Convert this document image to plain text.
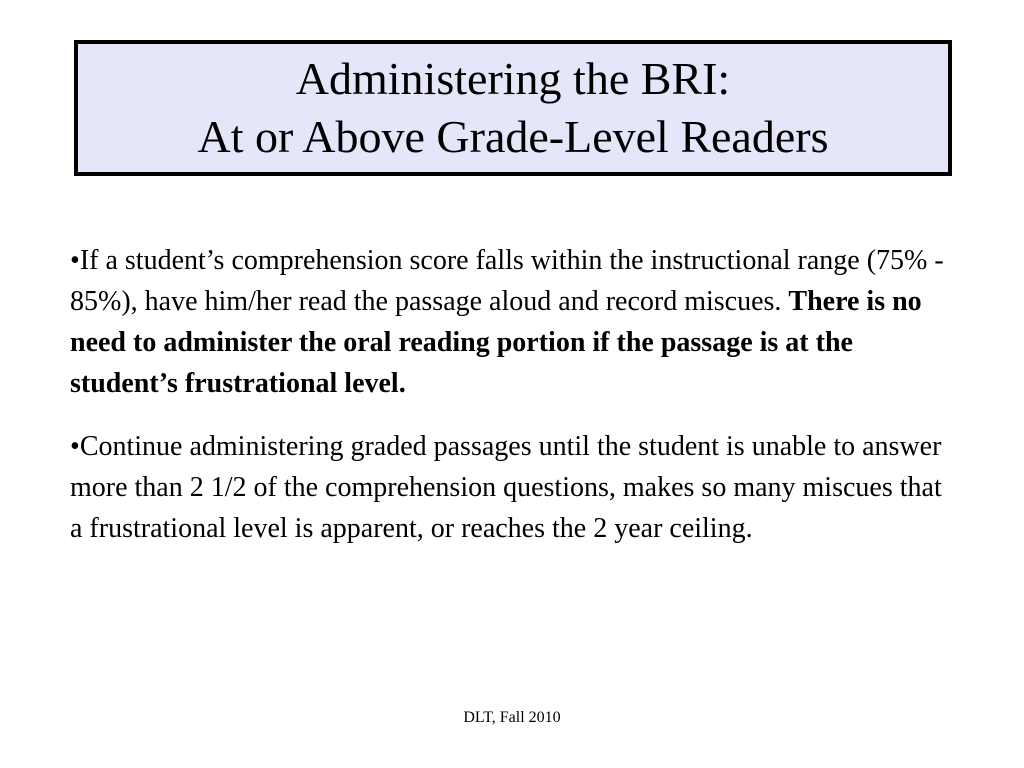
Administering the BRI:
At or Above Grade-Level Readers

•If a student’s comprehension score falls within the instructional range (75% - 85%), have him/her read the passage aloud and record miscues. There is no need to administer the oral reading portion if the passage is at the student’s frustrational level.

•Continue administering graded passages until the student is unable to answer more than 2 1/2 of the comprehension questions, makes so many miscues that a frustrational level is apparent, or reaches the 2 year ceiling.

DLT, Fall 2010
